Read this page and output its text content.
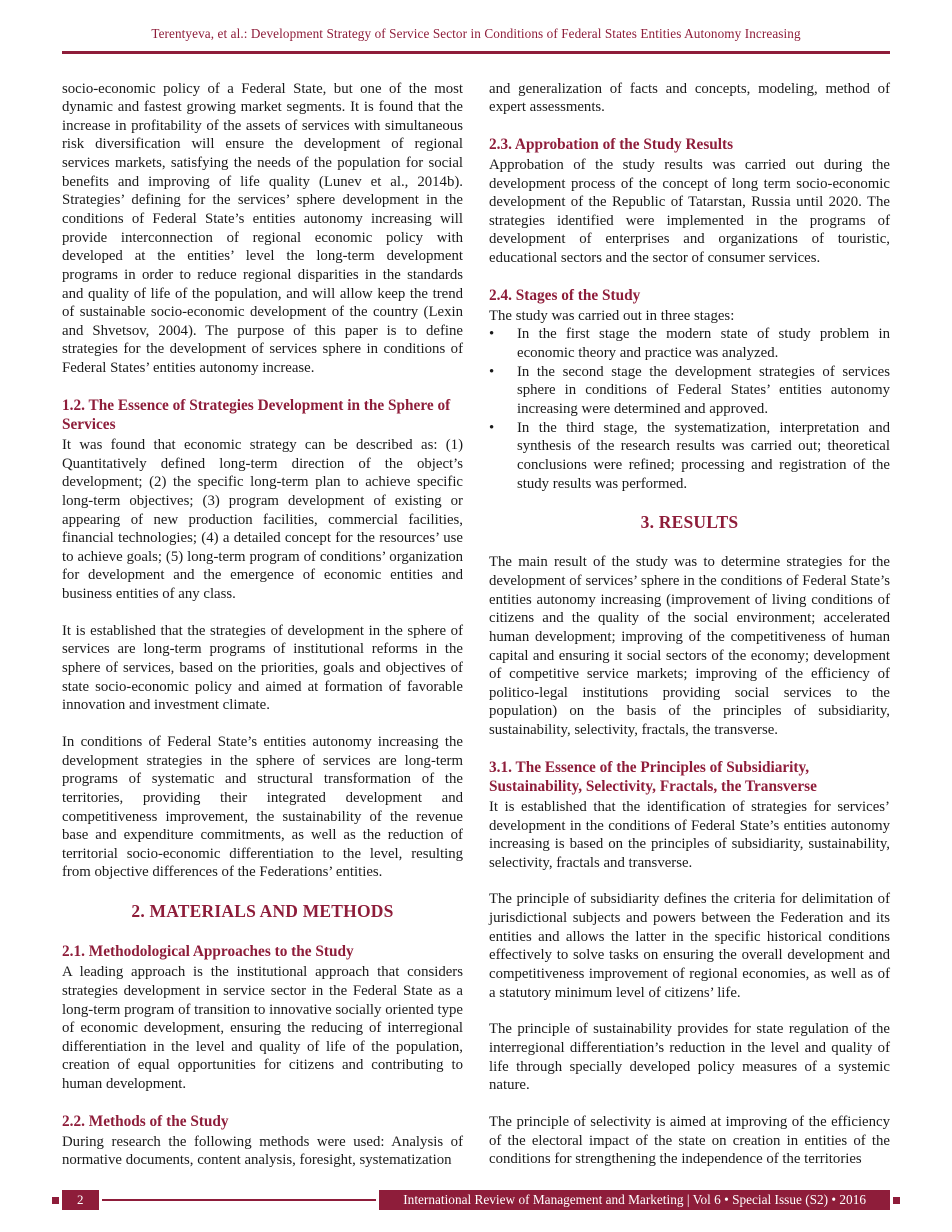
Terentyeva, et al.: Development Strategy of Service Sector in Conditions of Federal States Entities Autonomy Increasing

socio-economic policy of a Federal State, but one of the most dynamic and fastest growing market segments. It is found that the increase in profitability of the assets of services with simultaneous risk diversification will ensure the development of regional services markets, satisfying the needs of the population for social benefits and improving of life quality (Lunev et al., 2014b). Strategies’ defining for the services’ sphere development in the conditions of Federal State’s entities autonomy increasing will provide interconnection of regional economic policy with developed at the entities’ level the long-term development programs in order to reduce regional disparities in the standards and quality of life of the population, and will allow keep the trend of sustainable socio-economic development of the country (Lexin and Shvetsov, 2004). The purpose of this paper is to define strategies for the development of services sphere in conditions of Federal States’ entities autonomy increase.

1.2. The Essence of Strategies Development in the Sphere of Services

It was found that economic strategy can be described as: (1) Quantitatively defined long-term direction of the object’s development; (2) the specific long-term plan to achieve specific long-term objectives; (3) program development of existing or appearing of new production facilities, commercial facilities, financial technologies; (4) a detailed concept for the resources’ use to achieve goals; (5) long-term program of conditions’ organization for development and the emergence of economic entities and business entities of any class.

It is established that the strategies of development in the sphere of services are long-term programs of institutional reforms in the sphere of services, based on the priorities, goals and objectives of state socio-economic policy and aimed at formation of favorable innovation and investment climate.

In conditions of Federal State’s entities autonomy increasing the development strategies in the sphere of services are long-term programs of systematic and structural transformation of the territories, providing their integrated development and competitiveness improvement, the sustainability of the revenue base and expenditure commitments, as well as the reduction of territorial socio-economic differentiation to the level, resulting from objective differences of the Federations’ entities.

2. MATERIALS AND METHODS
2.1. Methodological Approaches to the Study

A leading approach is the institutional approach that considers strategies development in service sector in the Federal State as a long-term program of transition to innovative socially oriented type of economic development, ensuring the reducing of interregional differentiation in the level and quality of life of the population, creation of equal opportunities for citizens and contributing to human development.

2.2. Methods of the Study

During research the following methods were used: Analysis of normative documents, content analysis, foresight, systematization

and generalization of facts and concepts, modeling, method of expert assessments.

2.3. Approbation of the Study Results

Approbation of the study results was carried out during the development process of the concept of long term socio-economic development of the Republic of Tatarstan, Russia until 2020. The strategies identified were implemented in the programs of development of enterprises and organizations of touristic, educational sectors and the sector of consumer services.

2.4. Stages of the Study

The study was carried out in three stages:

•	In the first stage the modern state of study problem in economic theory and practice was analyzed.
•	In the second stage the development strategies of services sphere in conditions of Federal States’ entities autonomy increasing were determined and approved.
•	In the third stage, the systematization, interpretation and synthesis of the research results was carried out; theoretical conclusions were refined; processing and registration of the study results was performed.
3. RESULTS

The main result of the study was to determine strategies for the development of services’ sphere in the conditions of Federal State’s entities autonomy increasing (improvement of living conditions of citizens and the quality of the social environment; accelerated human development; improving of the competitiveness of human capital and ensuring it social sectors of the economy; development of competitive service markets; improving of the efficiency of politico-legal institutions providing social services to the population) on the basis of the principles of subsidiarity, sustainability, selectivity, fractals, the transverse.

3.1. The Essence of the Principles of Subsidiarity, Sustainability, Selectivity, Fractals, the Transverse

It is established that the identification of strategies for services’ development in the conditions of Federal State’s entities autonomy increasing is based on the principles of subsidiarity, sustainability, selectivity, fractals and transverse.

The principle of subsidiarity defines the criteria for delimitation of jurisdictional subjects and powers between the Federation and its entities and allows the latter in the specific historical conditions effectively to solve tasks on ensuring the overall development and competitiveness improvement of regional economies, as well as of a statutory minimum level of citizens’ life.

The principle of sustainability provides for state regulation of the interregional differentiation’s reduction in the level and quality of life through specially developed policy measures of a systemic nature.

The principle of selectivity is aimed at improving of the efficiency of the electoral impact of the state on creation in entities of the conditions for strengthening the independence of the territories

2	International Review of Management and Marketing | Vol 6 • Special Issue (S2) • 2016
